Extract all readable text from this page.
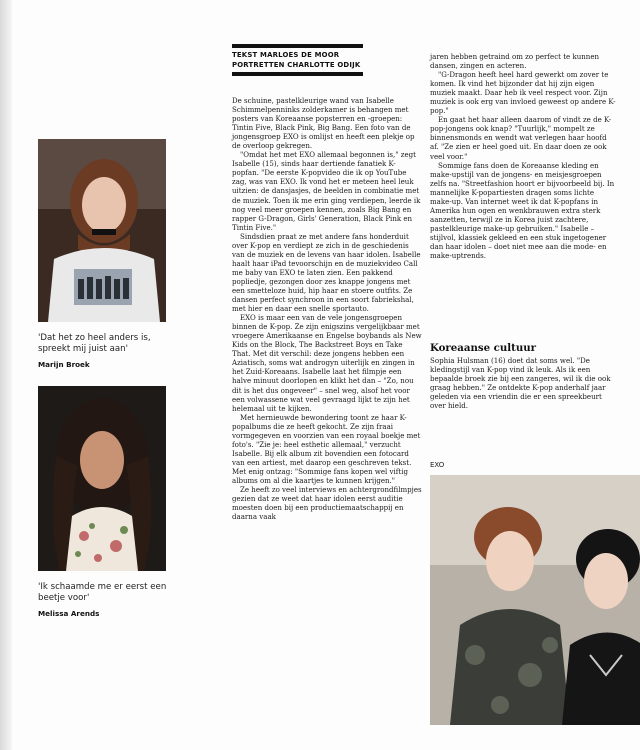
'Dat het zo heel anders is, spreekt mij juist aan'
Marijn Broek
'Ik schaamde me er eerst een beetje voor'
Melissa Arends
TEKST MARLOES DE MOOR
PORTRETTEN CHARLOTTE ODIJK

De schuine, pastelkleurige wand van Isabelle Schimmelpenninks zolderkamer is behangen met posters van Koreaanse popsterren en -groepen: Tintin Five, Black Pink, Big Bang. Een foto van de jongensgroep EXO is omlijst en heeft een plekje op de overloop gekregen.

"Omdat het met EXO allemaal begonnen is," zegt Isabelle (15), sinds haar dertiende fanatiek K-popfan. "De eerste K-popvideo die ik op YouTube zag, was van EXO. Ik vond het er meteen heel leuk uitzien: de dansjasjes, de beelden in combinatie met de muziek. Toen ik me erin ging verdiepen, leerde ik nog veel meer groepen kennen, zoals Big Bang en rapper G-Dragon, Girls' Generation, Black Pink en Tintin Five."

Sindsdien praat ze met andere fans honderduit over K-pop en verdiept ze zich in de geschiedenis van de muziek en de levens van haar idolen. Isabelle haalt haar iPad tevoorschijn en de muziekvideo Call me baby van EXO te laten zien. Een pakkend popliedje, gezongen door zes knappe jongens met een smetteloze huid, hip haar en stoere outfits. Ze dansen perfect synchroon in een soort fabriekshal, met hier en daar een snelle sportauto.

EXO is maar een van de vele jongensgroepen binnen de K-pop. Ze zijn enigszins vergelijkbaar met vroegere Amerikaanse en Engelse boybands als New Kids on the Block, The Backstreet Boys en Take That. Met dit verschil: deze jongens hebben een Aziatisch, soms wat androgyn uiterlijk en zingen in het Zuid-Koreaans. Isabelle laat het filmpje een halve minuut doorlopen en klikt het dan – "Zo, nou dit is het dus ongeveer" – snel weg, alsof het voor een volwassene wat veel gevraagd lijkt te zijn het helemaal uit te kijken.

Met hernieuwde bewondering toont ze haar K-popalbums die ze heeft gekocht. Ze zijn fraai vormgegeven en voorzien van een royaal boekje met foto's. "Zie je: heel esthetic allemaal," verzucht Isabelle. Bij elk album zit bovendien een fotocard van een artiest, met daarop een geschreven tekst. Met enig ontzag: "Sommige fans kopen wel viftig albums om al die kaartjes te kunnen krijgen."

Ze heeft zo veel interviews en achtergrondfilmpjes gezien dat ze weet dat haar idolen eerst auditie moesten doen bij een productiemaatschappij en daarna vaak

jaren hebben getraind om zo perfect te kunnen dansen, zingen en acteren.

"G-Dragon heeft heel hard gewerkt om zover te komen. Ik vind het bijzonder dat hij zijn eigen muziek maakt. Daar heb ik veel respect voor. Zijn muziek is ook erg van invloed geweest op andere K-pop."

En gaat het haar alleen daarom of vindt ze de K-pop-jongens ook knap? "Tuurlijk," mompelt ze binnensmonds en wendt wat verlegen haar hoofd af. "Ze zien er heel goed uit. En daar doen ze ook veel voor."

Sommige fans doen de Koreaanse kleding en make-upstijl van de jongens- en meisjesgroepen zelfs na. "Streetfashion hoort er bijvoorbeeld bij. In mannelijke K-popartiesten dragen soms lichte make-up. Van internet weet ik dat K-popfans in Amerika hun ogen en wenkbrauwen extra sterk aanzetten, terwijl ze in Korea juist zachtere, pastelkleurige make-up gebruiken." Isabelle – stijlvol, klassiek gekleed en een stuk ingetogener dan haar idolen – doet niet mee aan die mode- en make-uptrends.

Koreaanse cultuur

Sophia Hulsman (16) doet dat soms wel. "De kledingstijl van K-pop vind ik leuk. Als ik een bepaalde broek zie bij een zangeres, wil ik die ook graag hebben." Ze ontdekte K-pop anderhalf jaar geleden via een vriendin die er een spreekbeurt over hield.

EXO
